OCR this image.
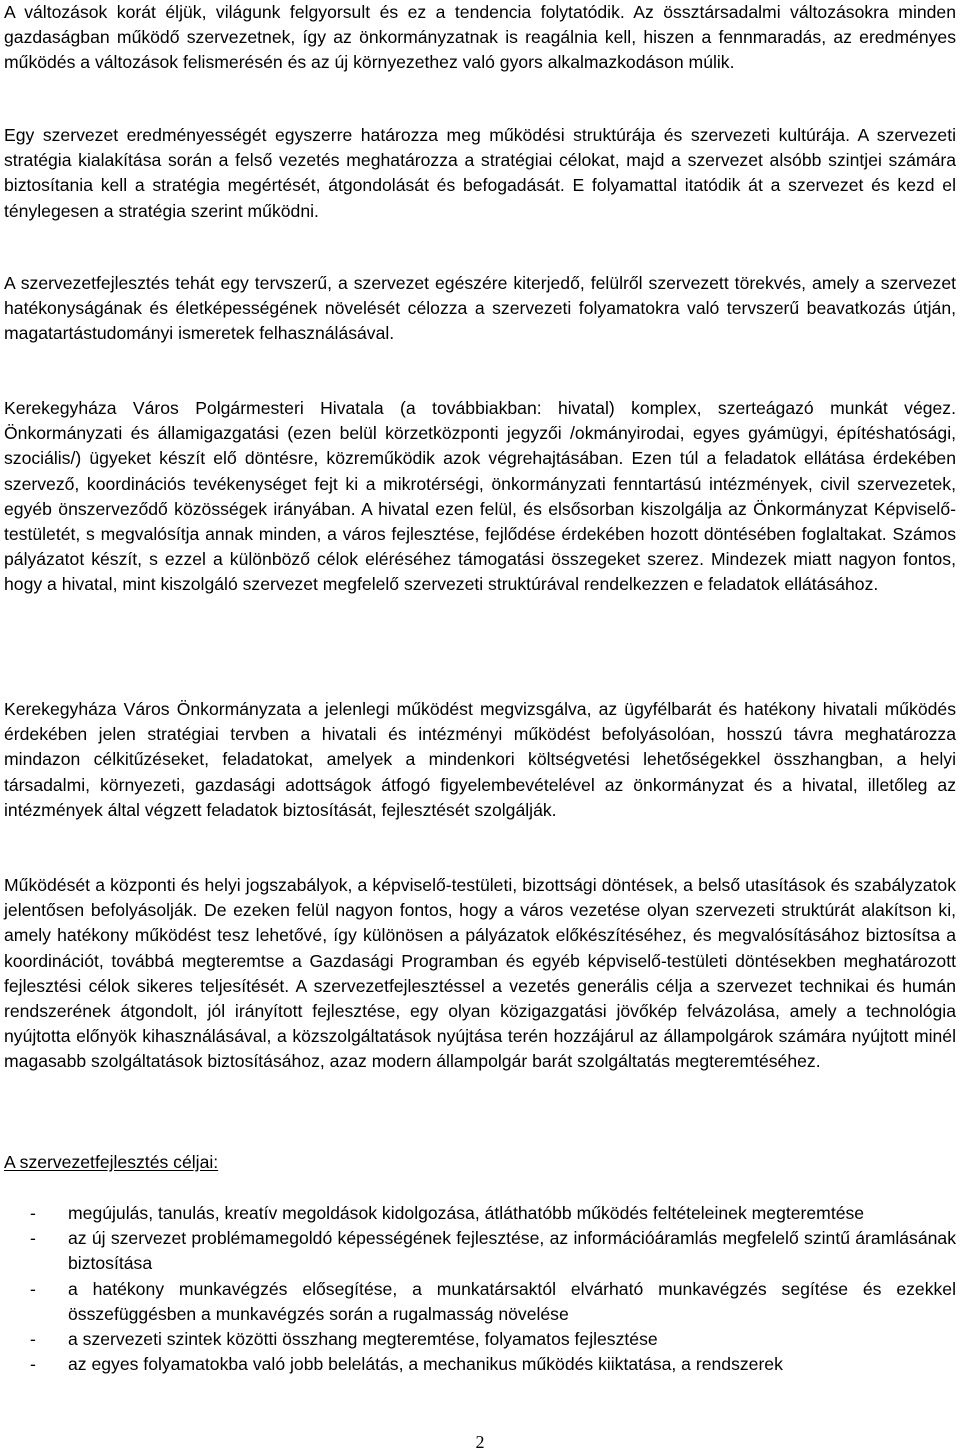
A változások korát éljük, világunk felgyorsult és ez a tendencia folytatódik. Az össztársadalmi változásokra minden gazdaságban működő szervezetnek, így az önkormányzatnak is reagálnia kell, hiszen a fennmaradás, az eredményes működés a változások felismerésén és az új környezethez való gyors alkalmazkodáson múlik.

Egy szervezet eredményességét egyszerre határozza meg működési struktúrája és szervezeti kultúrája. A szervezeti stratégia kialakítása során a felső vezetés meghatározza a stratégiai célokat, majd a szervezet alsóbb szintjei számára biztosítania kell a stratégia megértését, átgondolását és befogadását. E folyamattal itatódik át a szervezet és kezd el ténylegesen a stratégia szerint működni.

A szervezetfejlesztés tehát egy tervszerű, a szervezet egészére kiterjedő, felülről szervezett törekvés, amely a szervezet hatékonyságának és életképességének növelését célozza a szervezeti folyamatokra való tervszerű beavatkozás útján, magatartástudományi ismeretek felhasználásával.

Kerekegyháza Város Polgármesteri Hivatala (a továbbiakban: hivatal) komplex, szerteágazó munkát végez. Önkormányzati és államigazgatási (ezen belül körzetközponti jegyzői /okmányirodai, egyes gyámügyi, építéshatósági, szociális/) ügyeket készít elő döntésre, közreműködik azok végrehajtásában. Ezen túl a feladatok ellátása érdekében szervező, koordinációs tevékenységet fejt ki a mikrotérségi, önkormányzati fenntartású intézmények, civil szervezetek, egyéb önszerveződő közösségek irányában. A hivatal ezen felül, és elsősorban kiszolgálja az Önkormányzat Képviselő-testületét, s megvalósítja annak minden, a város fejlesztése, fejlődése érdekében hozott döntésében foglaltakat. Számos pályázatot készít, s ezzel a különböző célok eléréséhez támogatási összegeket szerez. Mindezek miatt nagyon fontos, hogy a hivatal, mint kiszolgáló szervezet megfelelő szervezeti struktúrával rendelkezzen e feladatok ellátásához.

Kerekegyháza Város Önkormányzata a jelenlegi működést megvizsgálva, az ügyfélbarát és hatékony hivatali működés érdekében jelen stratégiai tervben a hivatali és intézményi működést befolyásolóan, hosszú távra meghatározza mindazon célkitűzéseket, feladatokat, amelyek a mindenkori költségvetési lehetőségekkel összhangban, a helyi társadalmi, környezeti, gazdasági adottságok átfogó figyelembevételével az önkormányzat és a hivatal, illetőleg az intézmények által végzett feladatok biztosítását, fejlesztését szolgálják.

Működését a központi és helyi jogszabályok, a képviselő-testületi, bizottsági döntések, a belső utasítások és szabályzatok jelentősen befolyásolják. De ezeken felül nagyon fontos, hogy a város vezetése olyan szervezeti struktúrát alakítson ki, amely hatékony működést tesz lehetővé, így különösen a pályázatok előkészítéséhez, és megvalósításához biztosítsa a koordinációt, továbbá megteremtse a Gazdasági Programban és egyéb képviselő-testületi döntésekben meghatározott fejlesztési célok sikeres teljesítését. A szervezetfejlesztéssel a vezetés generális célja a szervezet technikai és humán rendszerének átgondolt, jól irányított fejlesztése, egy olyan közigazgatási jövőkép felvázolása, amely a technológia nyújtotta előnyök kihasználásával, a közszolgáltatások nyújtása terén hozzájárul az állampolgárok számára nyújtott minél magasabb szolgáltatások biztosításához, azaz modern állampolgár barát szolgáltatás megteremtéséhez.

A szervezetfejlesztés céljai:

-	megújulás, tanulás, kreatív megoldások kidolgozása, átláthatóbb működés feltételeinek megteremtése
-	az új szervezet problémamegoldó képességének fejlesztése, az információáramlás megfelelő szintű áramlásának biztosítása
-	a hatékony munkavégzés elősegítése, a munkatársaktól elvárható munkavégzés segítése és ezekkel összefüggésben a munkavégzés során a rugalmasság növelése
-	a szervezeti szintek közötti összhang megteremtése, folyamatos fejlesztése
-	az egyes folyamatokba való jobb belelátás, a mechanikus működés kiiktatása, a rendszerek
2
